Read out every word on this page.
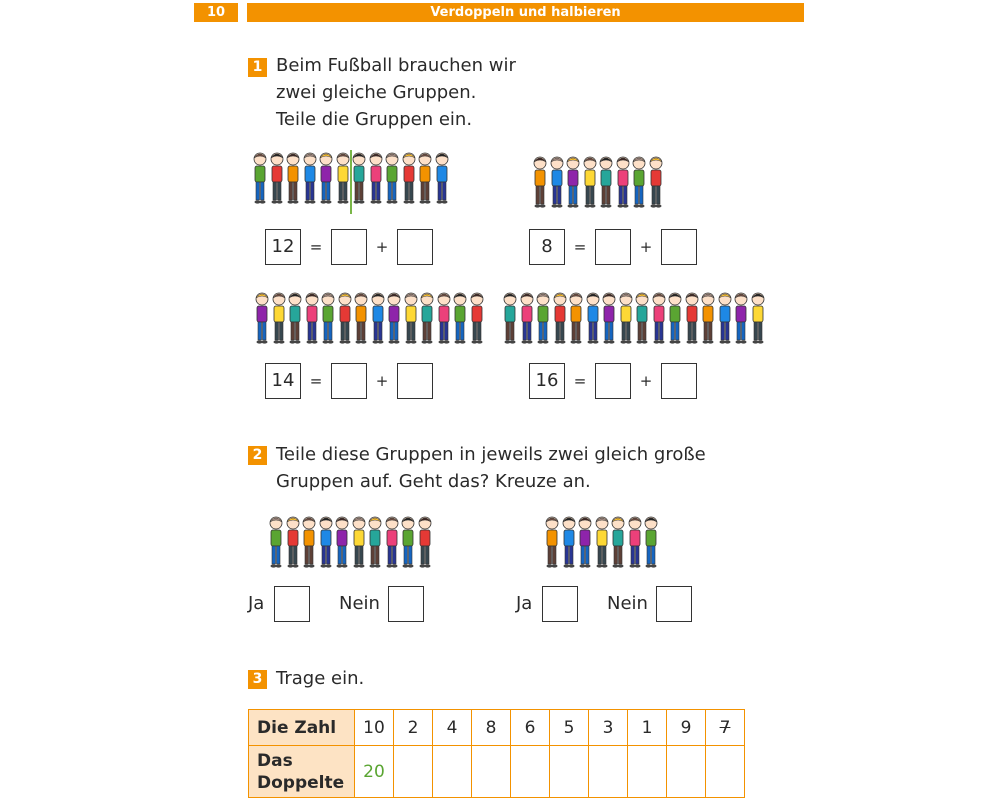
10	Verdoppeln und halbieren
1 Beim Fußball brauchen wir
zwei gleiche Gruppen.
Teile die Gruppen ein.
12	=	+	8	=	+
14	=	+	16	=	+
2 Teile diese Gruppen in jeweils zwei gleich große
Gruppen auf. Geht das? Kreuze an.
Ja	Nein	Ja	Nein
3 Trage ein.
Die Zahl	10	2	4	8	6	5	3	1	9	7

Das
Doppelte	20									
